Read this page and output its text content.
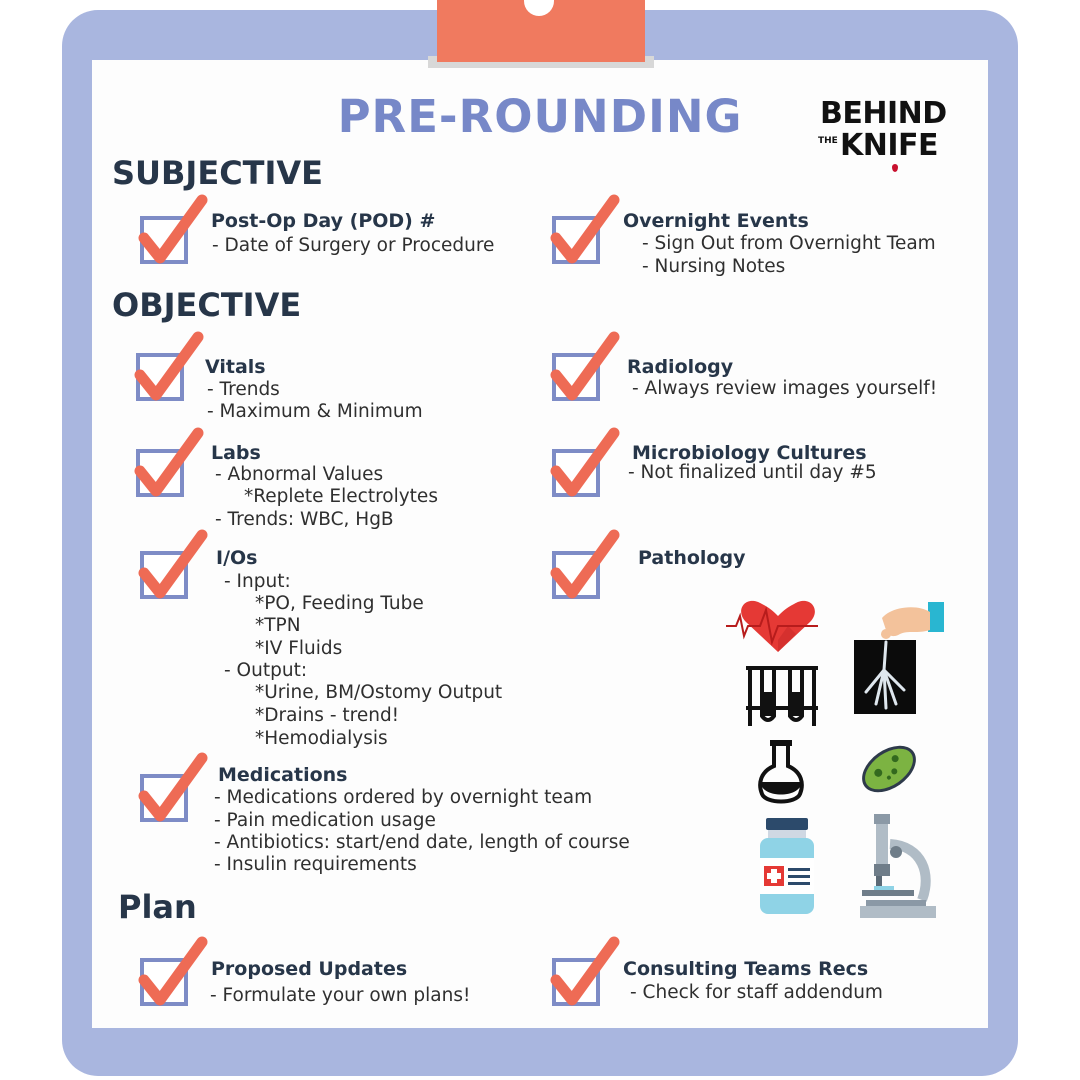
PRE-ROUNDING	BEHIND
THE KNIFE
SUBJECTIVE
OBJECTIVE
Plan
Post-Op Day (POD) #
- Date of Surgery or Procedure
Overnight Events
- Sign Out from Overnight Team
- Nursing Notes
Vitals
- Trends
- Maximum & Minimum
Radiology
- Always review images yourself!
Labs
- Abnormal Values
*Replete Electrolytes
- Trends: WBC, HgB
Microbiology Cultures
- Not finalized until day #5
I/Os
- Input:
*PO, Feeding Tube
*TPN
*IV Fluids
- Output:
*Urine, BM/Ostomy Output
*Drains - trend!
*Hemodialysis
Pathology
Medications
- Medications ordered by overnight team
- Pain medication usage
- Antibiotics: start/end date, length of course
- Insulin requirements
Proposed Updates
- Formulate your own plans!
Consulting Teams Recs
- Check for staff addendum
